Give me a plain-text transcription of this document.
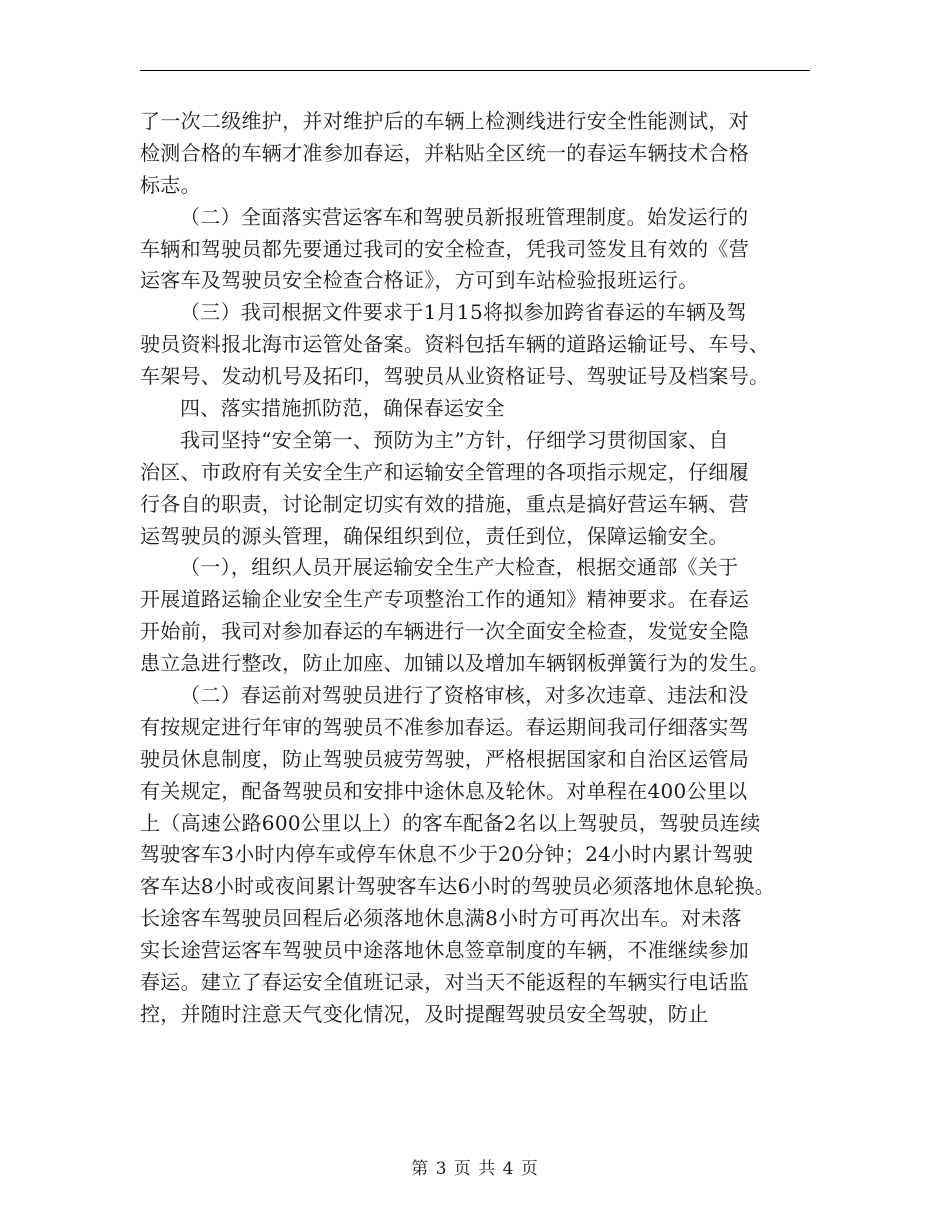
了一次二级维护，并对维护后的车辆上检测线进行安全性能测试，对
检测合格的车辆才准参加春运，并粘贴全区统一的春运车辆技术合格
标志。
（二）全面落实营运客车和驾驶员新报班管理制度。始发运行的
车辆和驾驶员都先要通过我司的安全检查，凭我司签发且有效的《营
运客车及驾驶员安全检查合格证》，方可到车站检验报班运行。
（三）我司根据文件要求于1月15将拟参加跨省春运的车辆及驾
驶员资料报北海市运管处备案。资料包括车辆的道路运输证号、车号、
车架号、发动机号及拓印，驾驶员从业资格证号、驾驶证号及档案号。
四、落实措施抓防范，确保春运安全
我司坚持“安全第一、预防为主”方针，仔细学习贯彻国家、自
治区、市政府有关安全生产和运输安全管理的各项指示规定，仔细履
行各自的职责，讨论制定切实有效的措施，重点是搞好营运车辆、营
运驾驶员的源头管理，确保组织到位，责任到位，保障运输安全。
（一），组织人员开展运输安全生产大检查，根据交通部《关于
开展道路运输企业安全生产专项整治工作的通知》精神要求。在春运
开始前，我司对参加春运的车辆进行一次全面安全检查，发觉安全隐
患立急进行整改，防止加座、加铺以及增加车辆钢板弹簧行为的发生。
（二）春运前对驾驶员进行了资格审核，对多次违章、违法和没
有按规定进行年审的驾驶员不准参加春运。春运期间我司仔细落实驾
驶员休息制度，防止驾驶员疲劳驾驶，严格根据国家和自治区运管局
有关规定，配备驾驶员和安排中途休息及轮休。对单程在400公里以
上（高速公路600公里以上）的客车配备2名以上驾驶员，驾驶员连续
驾驶客车3小时内停车或停车休息不少于20分钟；24小时内累计驾驶
客车达8小时或夜间累计驾驶客车达6小时的驾驶员必须落地休息轮换。
长途客车驾驶员回程后必须落地休息满8小时方可再次出车。对未落
实长途营运客车驾驶员中途落地休息签章制度的车辆，不准继续参加
春运。建立了春运安全值班记录，对当天不能返程的车辆实行电话监
控，并随时注意天气变化情况，及时提醒驾驶员安全驾驶，防止
第 3 页 共 4 页
